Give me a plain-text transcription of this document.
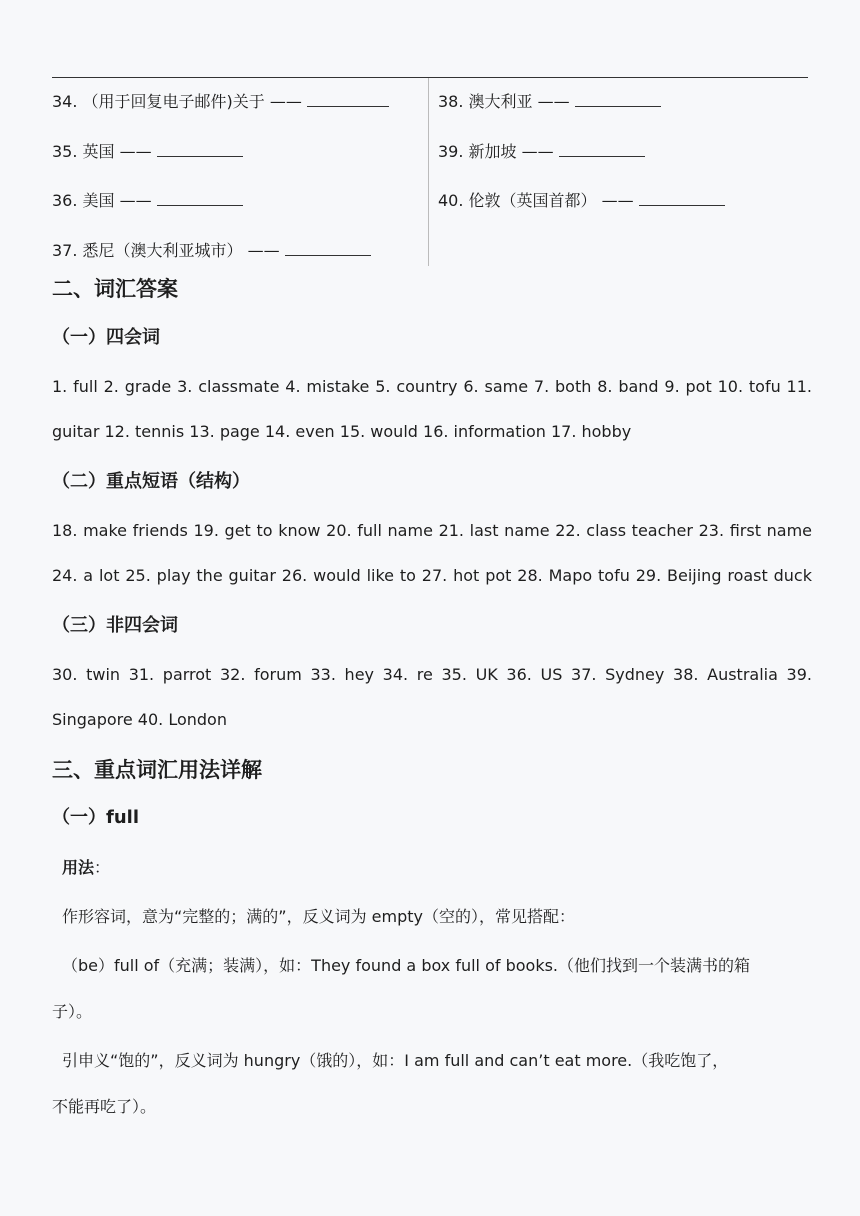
34. （用于回复电子邮件)关于 ——
35. 英国 ——
36. 美国 ——
37. 悉尼（澳大利亚城市） ——
38. 澳大利亚 ——
39. 新加坡 ——
40. 伦敦（英国首都） ——
二、词汇答案
（一）四会词
1. full 2. grade 3. classmate 4. mistake 5. country 6. same 7. both 8. band 9. pot 10. tofu 11.
guitar 12. tennis 13. page 14. even 15. would 16. information 17. hobby
（二）重点短语（结构）
18. make friends 19. get to know 20. full name 21. last name 22. class teacher 23. first name
24. a lot 25. play the guitar 26. would like to 27. hot pot 28. Mapo tofu 29. Beijing roast duck
（三）非四会词
30. twin 31. parrot 32. forum 33. hey 34. re 35. UK 36. US 37. Sydney 38. Australia 39.
Singapore 40. London
三、重点词汇用法详解
（一）full
用法：
作形容词，意为“完整的；满的”，反义词为 empty（空的），常见搭配：
（be）full of（充满；装满），如：They found a box full of books.（他们找到一个装满书的箱
子）。
引申义“饱的”，反义词为 hungry（饿的），如：I am full and can’t eat more.（我吃饱了，
不能再吃了）。
